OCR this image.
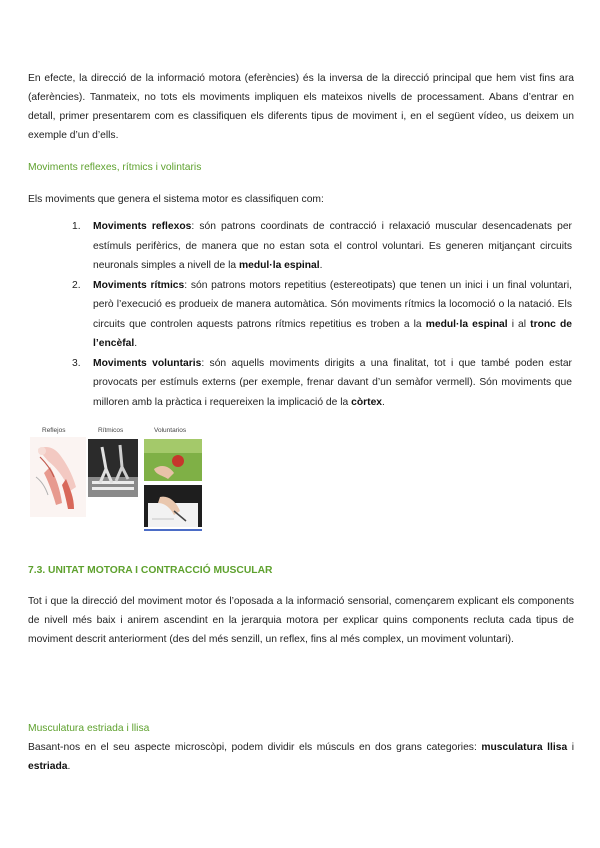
En efecte, la direcció de la informació motora (eferències) és la inversa de la direcció principal que hem vist fins ara (aferències). Tanmateix, no tots els moviments impliquen els mateixos nivells de processament. Abans d’entrar en detall, primer presentarem com es classifiquen els diferents tipus de moviment i, en el següent vídeo, us deixem un exemple d’un d’ells.

Moviments reflexes, rítmics i volintaris

Els moviments que genera el sistema motor es classifiquen com:

1. Moviments reflexos: són patrons coordinats de contracció i relaxació muscular desencadenats per estímuls perifèrics, de manera que no estan sota el control voluntari. Es generen mitjançant circuits neuronals simples a nivell de la medul·la espinal.
2. Moviments rítmics: són patrons motors repetitius (estereotipats) que tenen un inici i un final voluntari, però l’execució es produeix de manera automàtica. Són moviments rítmics la locomoció o la natació. Els circuits que controlen aquests patrons rítmics repetitius es troben a la medul·la espinal i al tronc de l’encèfal.
3. Moviments voluntaris: són aquells moviments dirigits a una finalitat, tot i que també poden estar provocats per estímuls externs (per exemple, frenar davant d’un semàfor vermell). Són moviments que milloren amb la pràctica i requereixen la implicació de la còrtex.
Reflejos	Rítmicos	Voluntarios
7.3. UNITAT MOTORA I CONTRACCIÓ MUSCULAR

Tot i que la direcció del moviment motor és l’oposada a la informació sensorial, començarem explicant els components de nivell més baix i anirem ascendint en la jerarquia motora per explicar quins components recluta cada tipus de moviment descrit anteriorment (des del més senzill, un reflex, fins al més complex, un moviment voluntari).

Musculatura estriada i llisa

Basant-nos en el seu aspecte microscòpi, podem dividir els músculs en dos grans categories: musculatura llisa i estriada.
